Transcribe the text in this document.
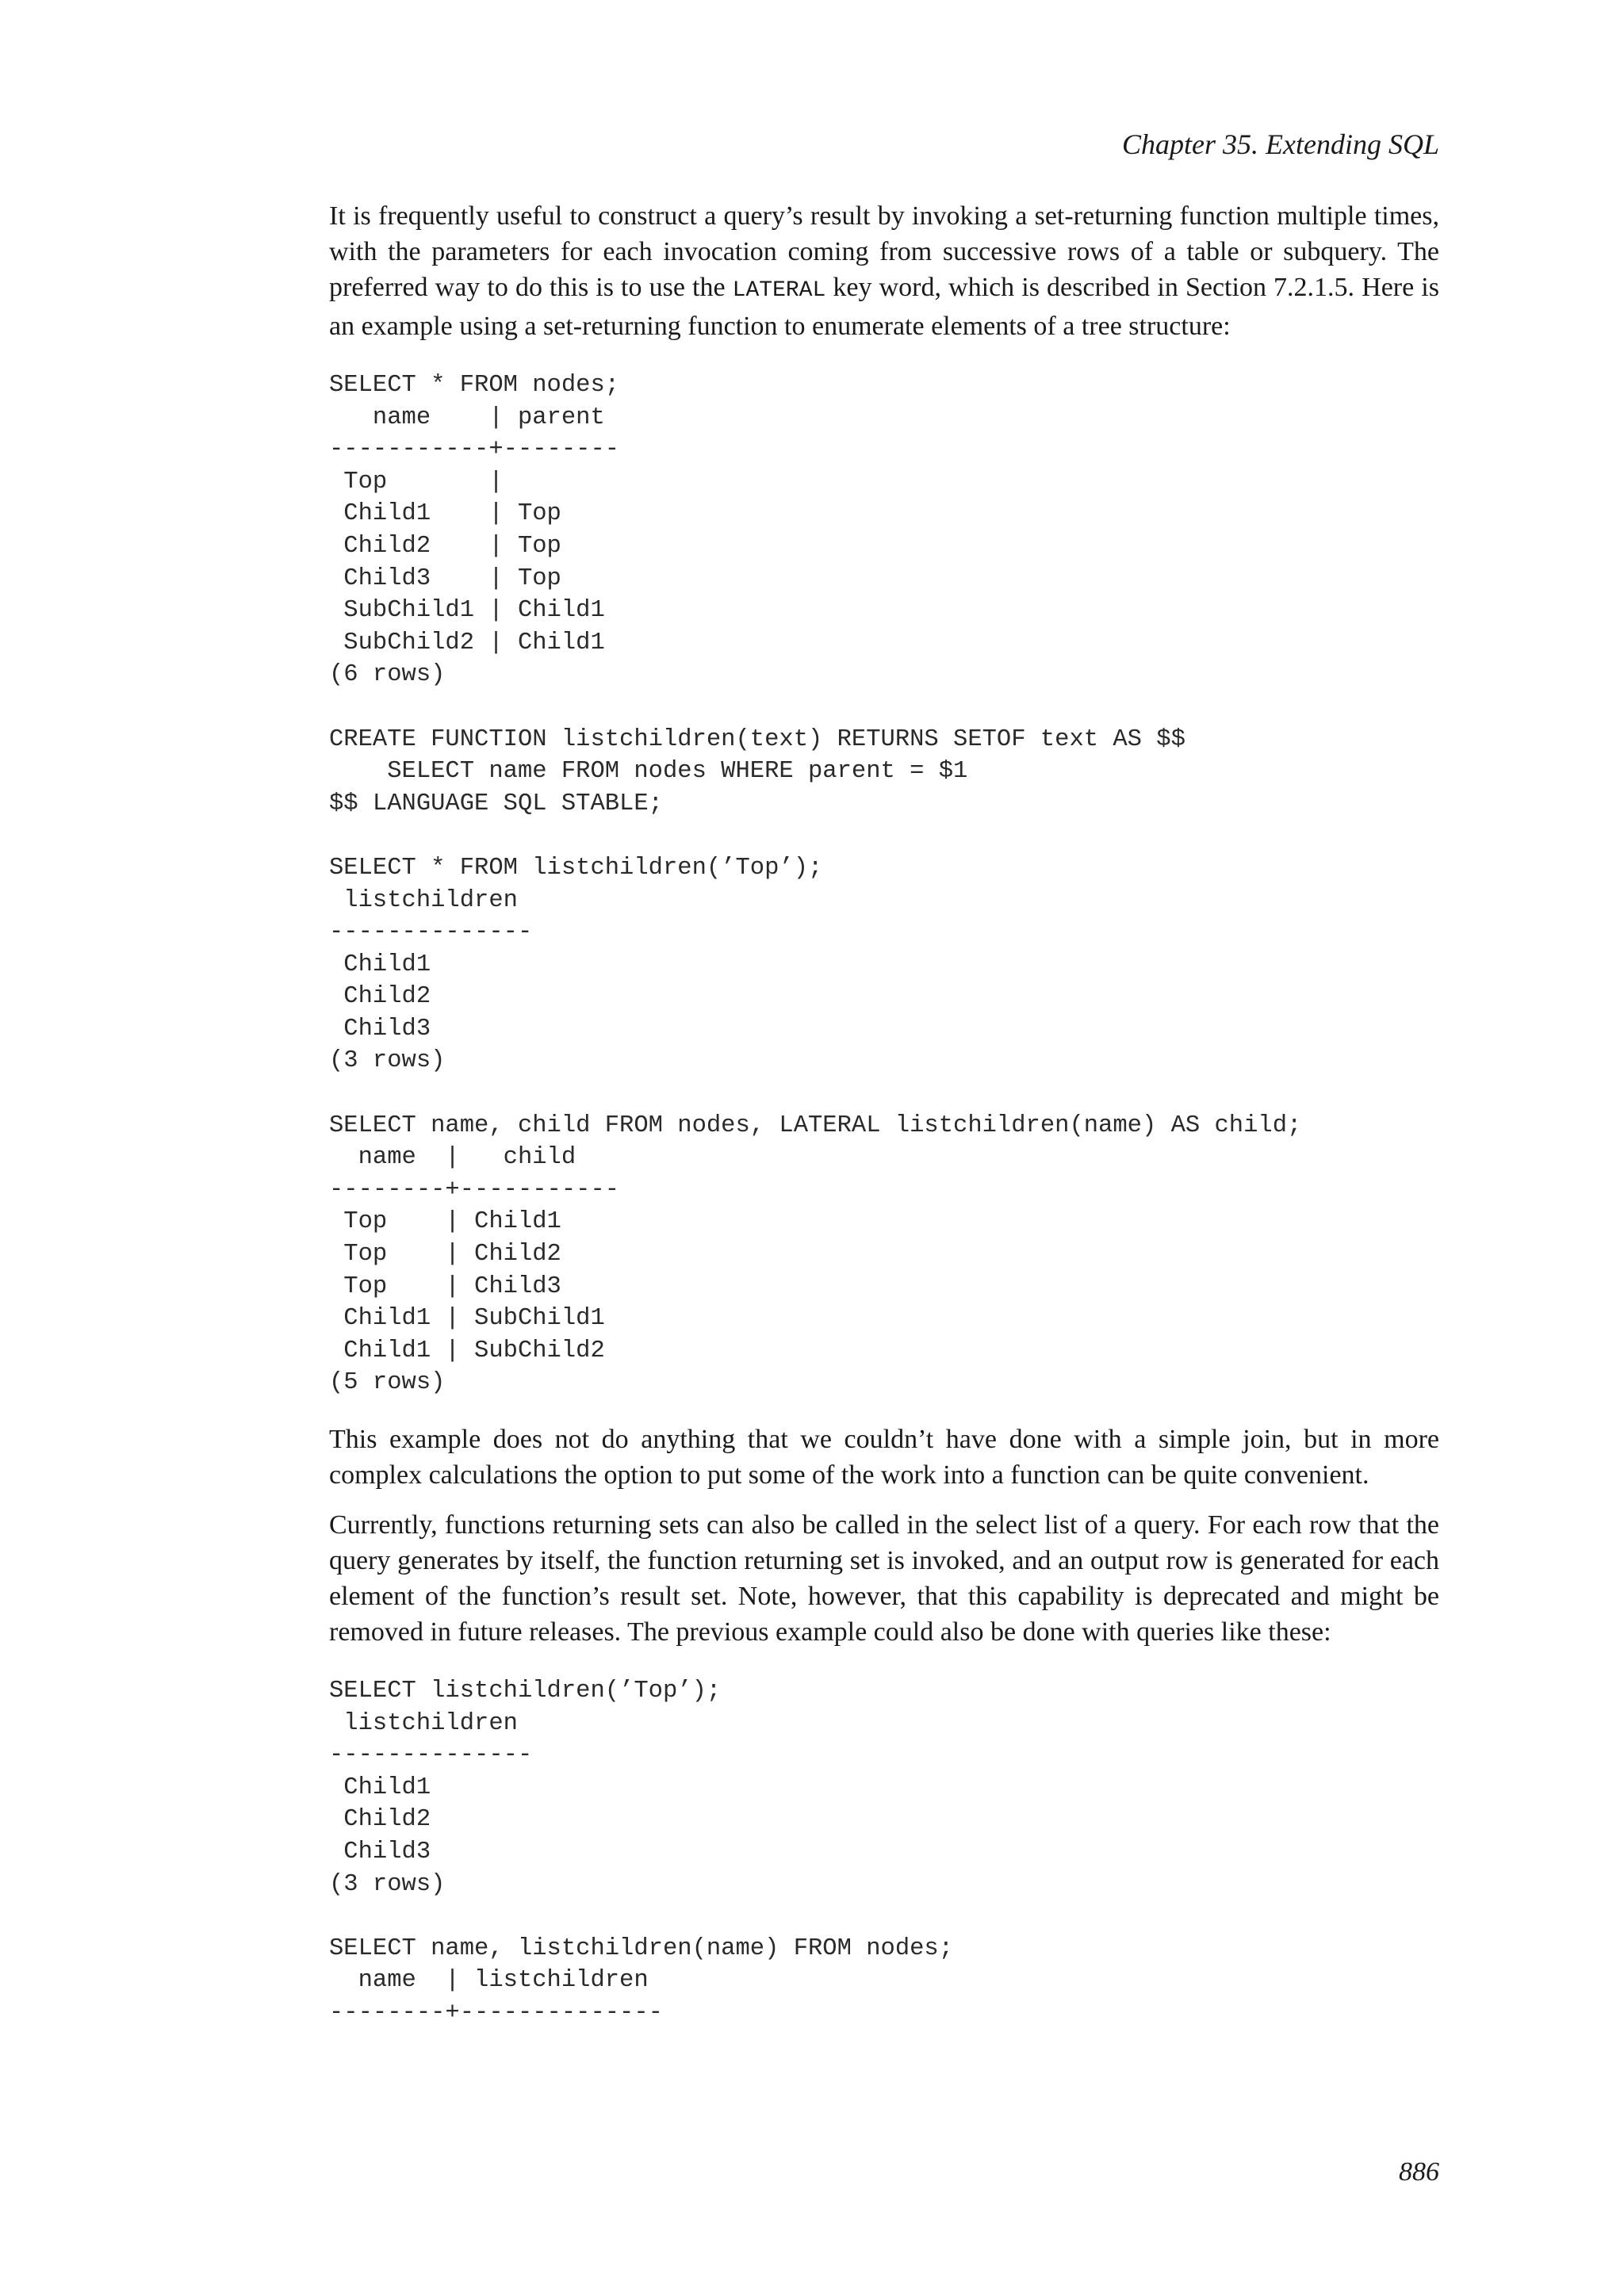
Chapter 35. Extending SQL

It is frequently useful to construct a query’s result by invoking a set-returning function multiple times, with the parameters for each invocation coming from successive rows of a table or subquery. The preferred way to do this is to use the LATERAL key word, which is described in Section 7.2.1.5. Here is an example using a set-returning function to enumerate elements of a tree structure:

SELECT * FROM nodes;
name    | parent
-----------+--------
Top       |
Child1    | Top
Child2    | Top
Child3    | Top
SubChild1 | Child1
SubChild2 | Child1
(6 rows)

CREATE FUNCTION listchildren(text) RETURNS SETOF text AS $$
SELECT name FROM nodes WHERE parent = $1
$$ LANGUAGE SQL STABLE;

SELECT * FROM listchildren(’Top’);
listchildren
--------------
Child1
Child2
Child3
(3 rows)

SELECT name, child FROM nodes, LATERAL listchildren(name) AS child;
name  |   child
--------+-----------
Top    | Child1
Top    | Child2
Top    | Child3
Child1 | SubChild1
Child1 | SubChild2
(5 rows)

This example does not do anything that we couldn’t have done with a simple join, but in more complex calculations the option to put some of the work into a function can be quite convenient.

Currently, functions returning sets can also be called in the select list of a query. For each row that the query generates by itself, the function returning set is invoked, and an output row is generated for each element of the function’s result set. Note, however, that this capability is deprecated and might be removed in future releases. The previous example could also be done with queries like these:

SELECT listchildren(’Top’);
listchildren
--------------
Child1
Child2
Child3
(3 rows)

SELECT name, listchildren(name) FROM nodes;
name  | listchildren
--------+--------------
886
